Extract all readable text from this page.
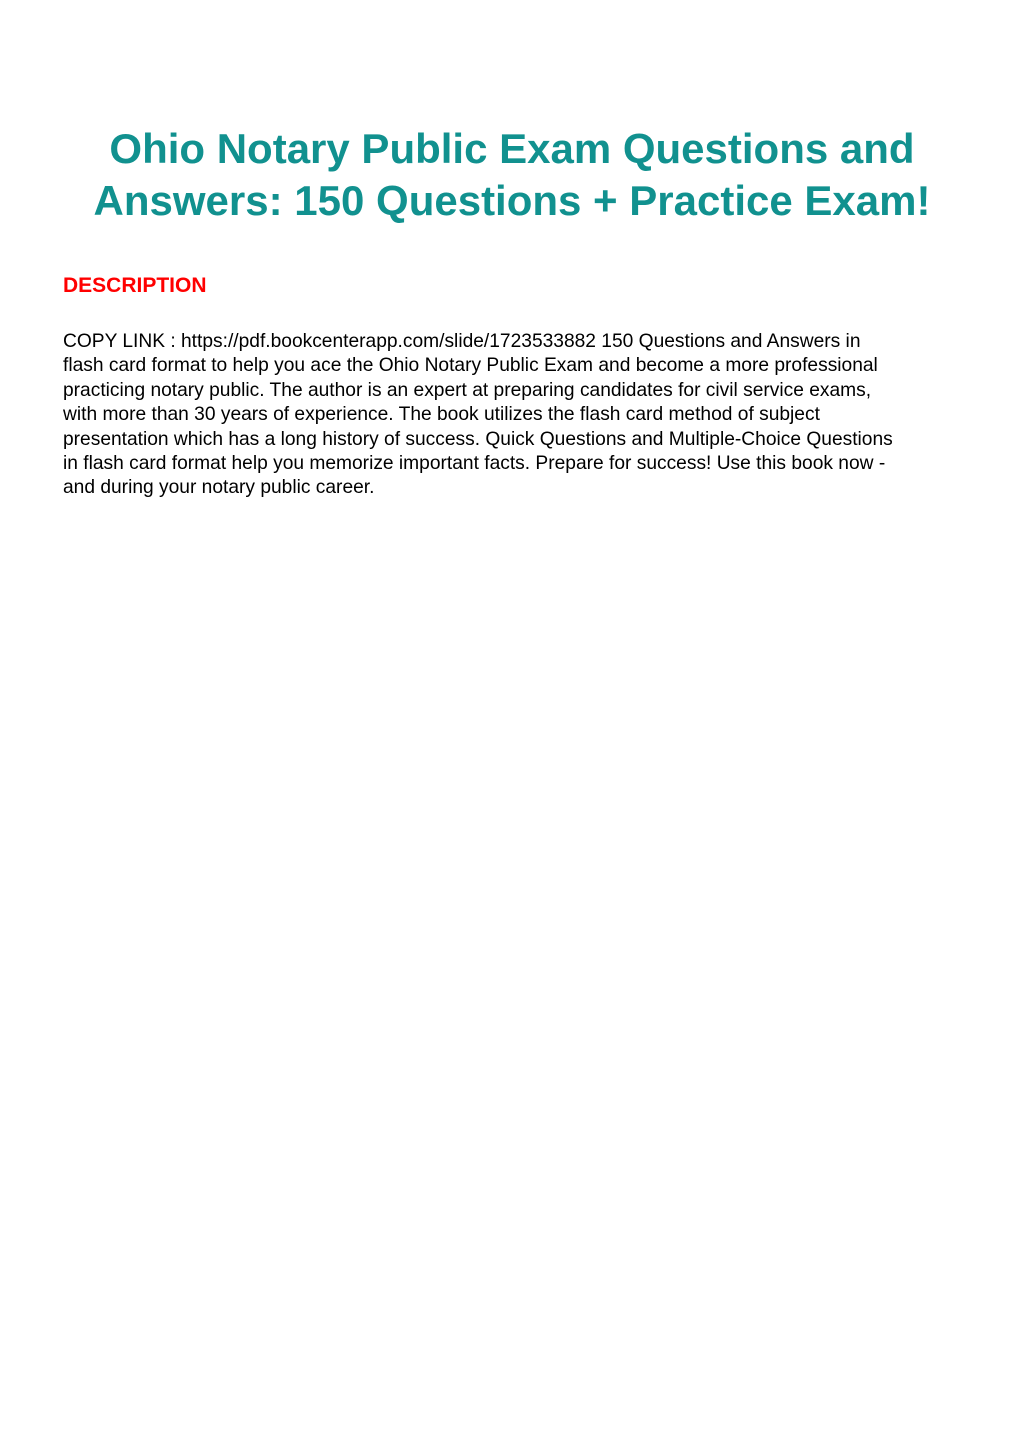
Ohio Notary Public Exam Questions and
Answers: 150 Questions + Practice Exam!
DESCRIPTION
COPY LINK : https://pdf.bookcenterapp.com/slide/1723533882 150 Questions and Answers in
flash card format to help you ace the Ohio Notary Public Exam and become a more professional
practicing notary public. The author is an expert at preparing candidates for civil service exams,
with more than 30 years of experience. The book utilizes the flash card method of subject
presentation which has a long history of success. Quick Questions and Multiple-Choice Questions
in flash card format help you memorize important facts. Prepare for success! Use this book now -
and during your notary public career.
